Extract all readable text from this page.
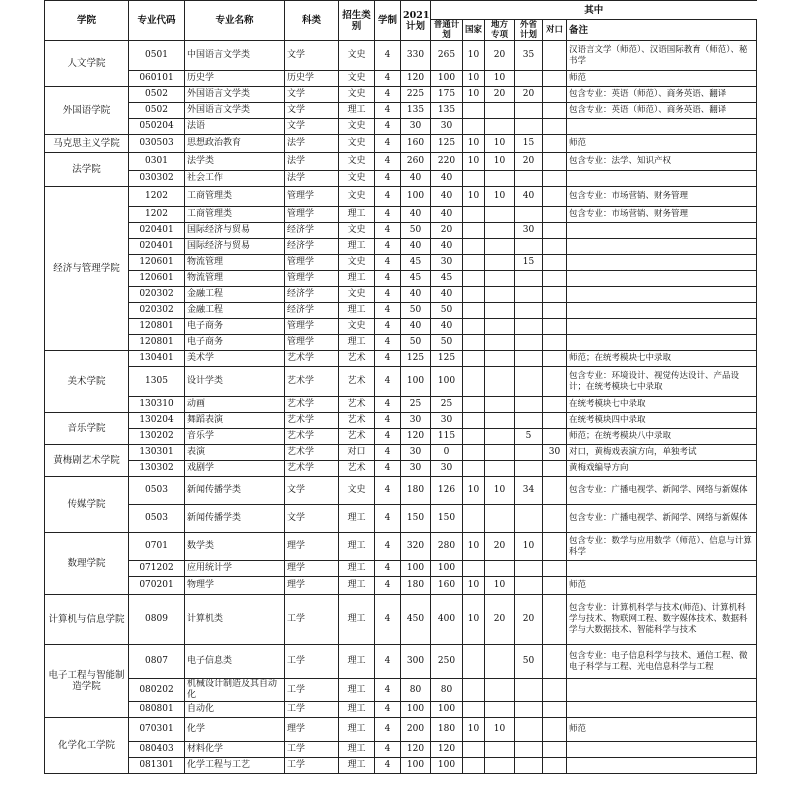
学院	专业代码	专业名称	科类	招生类别	学制	2021计划	其中					
							普通计划	国家	地方专项	外省计划	对口	备注
人文学院	0501	中国语言文学类	文学	文史	4	330	265	10	20	35		汉语言文学（师范）、汉语国际教育（师范）、秘书学
	060101	历史学	历史学	文史	4	120	100	10	10			师范
外国语学院	0502	外国语言文学类	文学	文史	4	225	175	10	20	20		包含专业：英语（师范）、商务英语、翻译
	0502	外国语言文学类	文学	理工	4	135	135					包含专业：英语（师范）、商务英语、翻译
	050204	法语	文学	文史	4	30	30					
马克思主义学院	030503	思想政治教育	法学	文史	4	160	125	10	10	15		师范
法学院	0301	法学类	法学	文史	4	260	220	10	10	20		包含专业：法学、知识产权
	030302	社会工作	法学	文史	4	40	40					
经济与管理学院	1202	工商管理类	管理学	文史	4	100	40	10	10	40		包含专业：市场营销、财务管理
	1202	工商管理类	管理学	理工	4	40	40					包含专业：市场营销、财务管理
	020401	国际经济与贸易	经济学	文史	4	50	20			30		
	020401	国际经济与贸易	经济学	理工	4	40	40					
	120601	物流管理	管理学	文史	4	45	30			15		
	120601	物流管理	管理学	理工	4	45	45					
	020302	金融工程	经济学	文史	4	40	40					
	020302	金融工程	经济学	理工	4	50	50					
	120801	电子商务	管理学	文史	4	40	40					
	120801	电子商务	管理学	理工	4	50	50					
美术学院	130401	美术学	艺术学	艺术	4	125	125					师范；在统考模块七中录取
	1305	设计学类	艺术学	艺术	4	100	100					包含专业：环境设计、视觉传达设计、产品设计；在统考模块七中录取
	130310	动画	艺术学	艺术	4	25	25					在统考模块七中录取
音乐学院	130204	舞蹈表演	艺术学	艺术	4	30	30					在统考模块四中录取
	130202	音乐学	艺术学	艺术	4	120	115			5		师范；在统考模块八中录取
黄梅剧艺术学院	130301	表演	艺术学	对口	4	30	0				30	对口，黄梅戏表演方向，单独考试
	130302	戏剧学	艺术学	艺术	4	30	30					黄梅戏编导方向
传媒学院	0503	新闻传播学类	文学	文史	4	180	126	10	10	34		包含专业：广播电视学、新闻学、网络与新媒体
	0503	新闻传播学类	文学	理工	4	150	150					包含专业：广播电视学、新闻学、网络与新媒体
数理学院	0701	数学类	理学	理工	4	320	280	10	20	10		包含专业：数学与应用数学（师范）、信息与计算科学
	071202	应用统计学	理学	理工	4	100	100					
	070201	物理学	理学	理工	4	180	160	10	10			师范
计算机与信息学院	0809	计算机类	工学	理工	4	450	400	10	20	20		包含专业：计算机科学与技术(师范)、计算机科学与技术、物联网工程、数字媒体技术、数据科学与大数据技术、智能科学与技术
电子工程与智能制造学院	0807	电子信息类	工学	理工	4	300	250			50		包含专业：电子信息科学与技术、通信工程、微电子科学与工程、光电信息科学与工程
	080202	机械设计制造及其自动化	工学	理工	4	80	80					
	080801	自动化	工学	理工	4	100	100					
化学化工学院	070301	化学	理学	理工	4	200	180	10	10			师范
	080403	材料化学	工学	理工	4	120	120					
	081301	化学工程与工艺	工学	理工	4	100	100					
